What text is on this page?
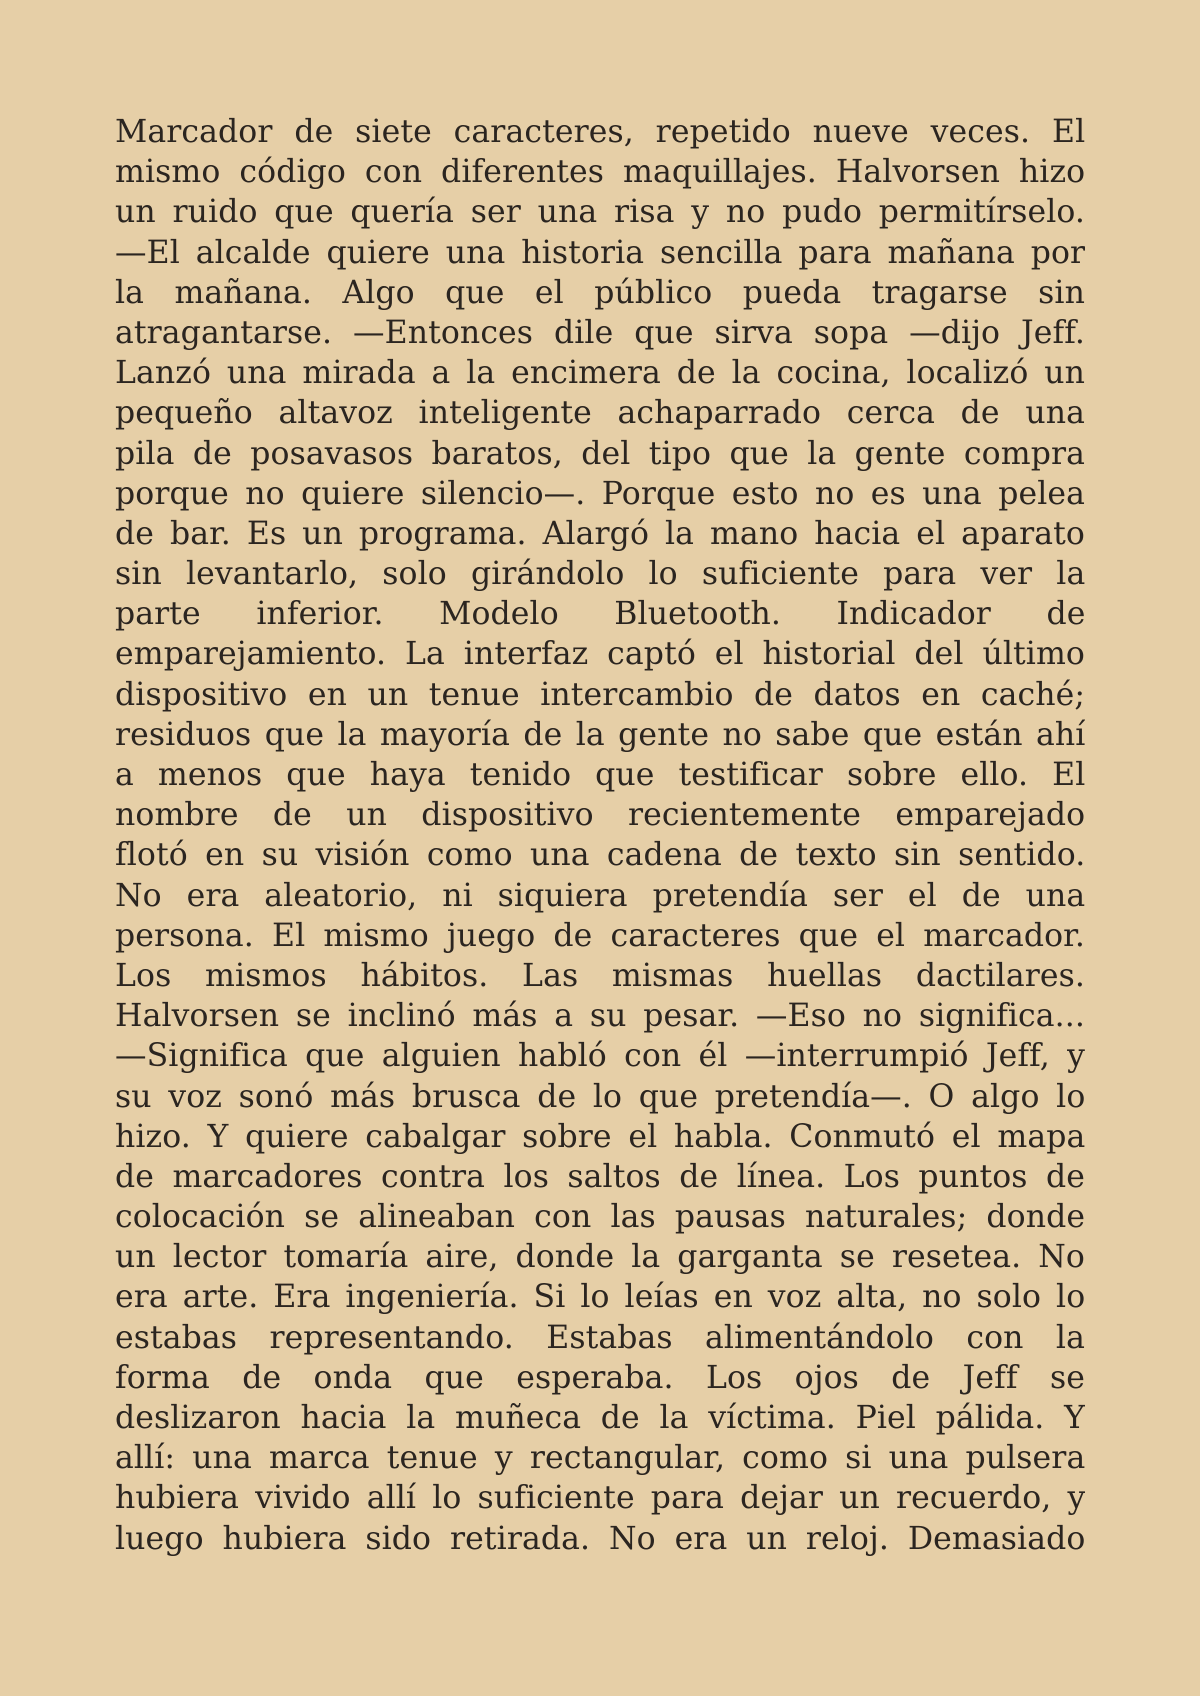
Marcador de siete caracteres, repetido nueve veces. El
mismo código con diferentes maquillajes. Halvorsen hizo
un ruido que quería ser una risa y no pudo permitírselo.
—El alcalde quiere una historia sencilla para mañana por
la mañana. Algo que el público pueda tragarse sin
atragantarse. —Entonces dile que sirva sopa —dijo Jeff.
Lanzó una mirada a la encimera de la cocina, localizó un
pequeño altavoz inteligente achaparrado cerca de una
pila de posavasos baratos, del tipo que la gente compra
porque no quiere silencio—. Porque esto no es una pelea
de bar. Es un programa. Alargó la mano hacia el aparato
sin levantarlo, solo girándolo lo suficiente para ver la
parte inferior. Modelo Bluetooth. Indicador de
emparejamiento. La interfaz captó el historial del último
dispositivo en un tenue intercambio de datos en caché;
residuos que la mayoría de la gente no sabe que están ahí
a menos que haya tenido que testificar sobre ello. El
nombre de un dispositivo recientemente emparejado
flotó en su visión como una cadena de texto sin sentido.
No era aleatorio, ni siquiera pretendía ser el de una
persona. El mismo juego de caracteres que el marcador.
Los mismos hábitos. Las mismas huellas dactilares.
Halvorsen se inclinó más a su pesar. —Eso no significa...
—Significa que alguien habló con él —interrumpió Jeff, y
su voz sonó más brusca de lo que pretendía—. O algo lo
hizo. Y quiere cabalgar sobre el habla. Conmutó el mapa
de marcadores contra los saltos de línea. Los puntos de
colocación se alineaban con las pausas naturales; donde
un lector tomaría aire, donde la garganta se resetea. No
era arte. Era ingeniería. Si lo leías en voz alta, no solo lo
estabas representando. Estabas alimentándolo con la
forma de onda que esperaba. Los ojos de Jeff se
deslizaron hacia la muñeca de la víctima. Piel pálida. Y
allí: una marca tenue y rectangular, como si una pulsera
hubiera vivido allí lo suficiente para dejar un recuerdo, y
luego hubiera sido retirada. No era un reloj. Demasiado
